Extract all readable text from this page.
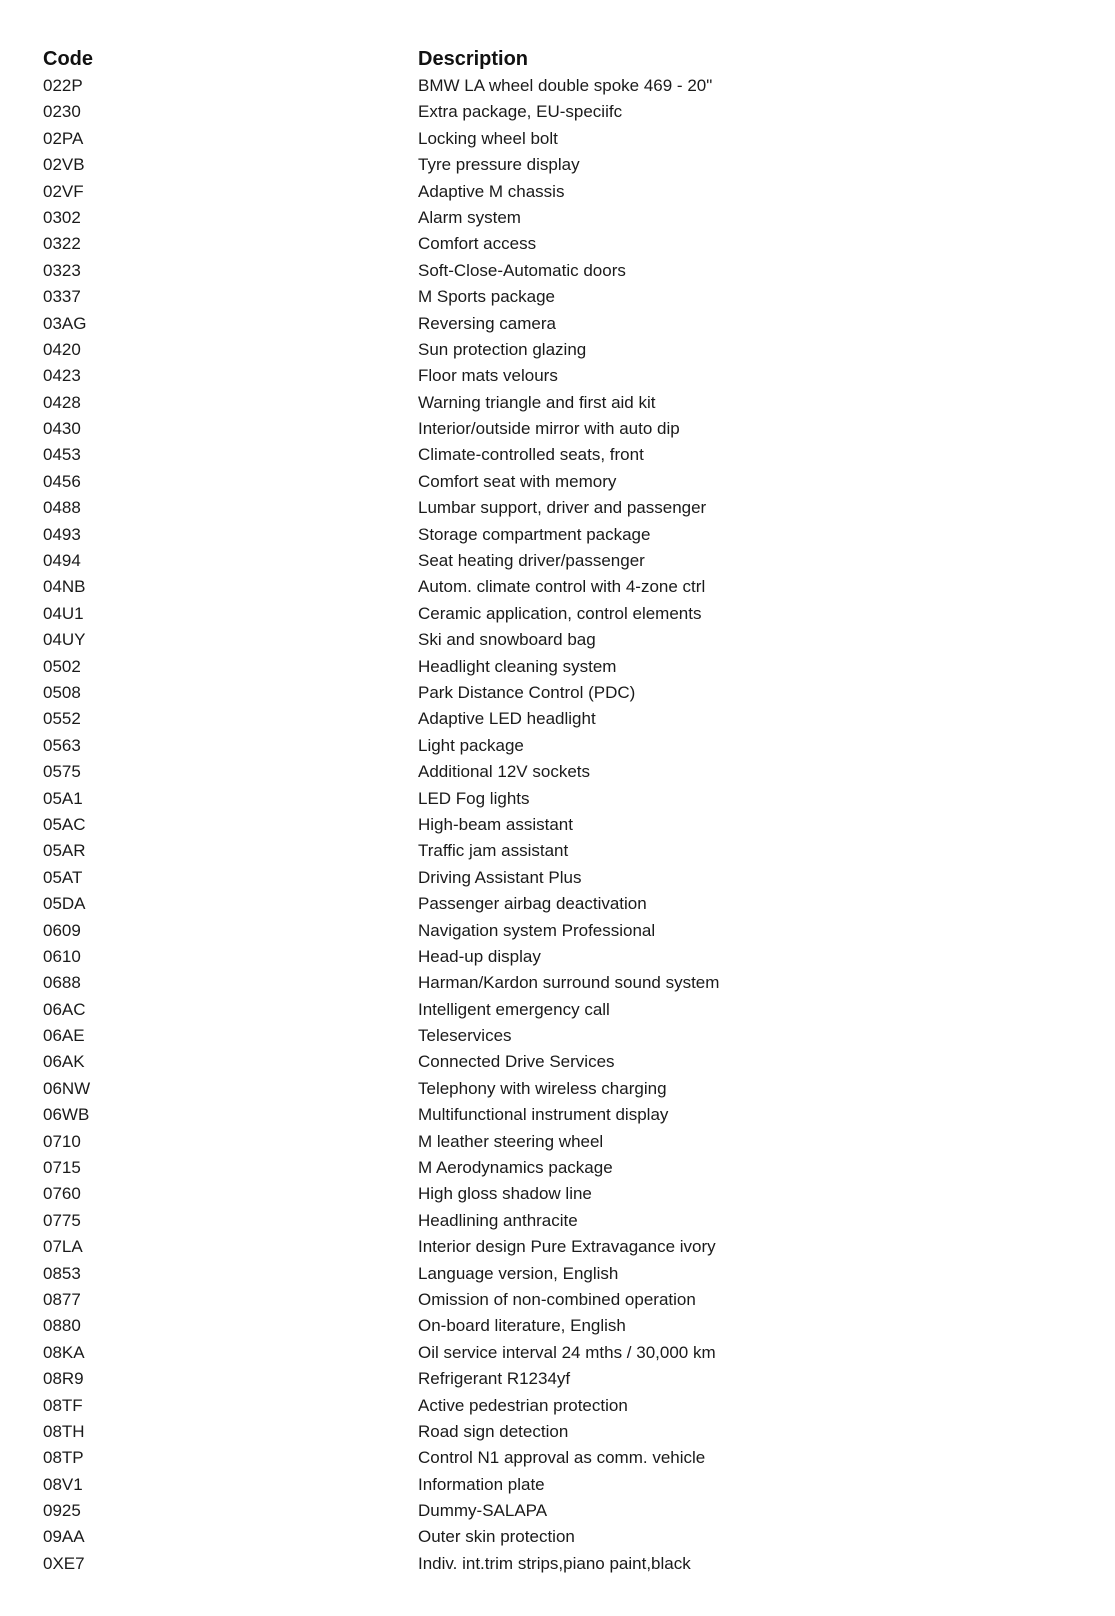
Code	Description
022P	BMW LA wheel double spoke 469 - 20"
0230	Extra package, EU-speciifc
02PA	Locking wheel bolt
02VB	Tyre pressure display
02VF	Adaptive M chassis
0302	Alarm system
0322	Comfort access
0323	Soft-Close-Automatic doors
0337	M Sports package
03AG	Reversing camera
0420	Sun protection glazing
0423	Floor mats velours
0428	Warning triangle and first aid kit
0430	Interior/outside mirror with auto dip
0453	Climate-controlled seats, front
0456	Comfort seat with memory
0488	Lumbar support, driver and passenger
0493	Storage compartment package
0494	Seat heating driver/passenger
04NB	Autom. climate control with 4-zone ctrl
04U1	Ceramic application, control elements
04UY	Ski and snowboard bag
0502	Headlight cleaning system
0508	Park Distance Control (PDC)
0552	Adaptive LED headlight
0563	Light package
0575	Additional 12V sockets
05A1	LED Fog lights
05AC	High-beam assistant
05AR	Traffic jam assistant
05AT	Driving Assistant Plus
05DA	Passenger airbag deactivation
0609	Navigation system Professional
0610	Head-up display
0688	Harman/Kardon surround sound system
06AC	Intelligent emergency call
06AE	Teleservices
06AK	Connected Drive Services
06NW	Telephony with wireless charging
06WB	Multifunctional instrument display
0710	M leather steering wheel
0715	M Aerodynamics package
0760	High gloss shadow line
0775	Headlining anthracite
07LA	Interior design Pure Extravagance ivory
0853	Language version, English
0877	Omission of non-combined operation
0880	On-board literature, English
08KA	Oil service interval 24 mths / 30,000 km
08R9	Refrigerant R1234yf
08TF	Active pedestrian protection
08TH	Road sign detection
08TP	Control N1 approval as comm. vehicle
08V1	Information plate
0925	Dummy-SALAPA
09AA	Outer skin protection
0XE7	Indiv. int.trim strips,piano paint,black
